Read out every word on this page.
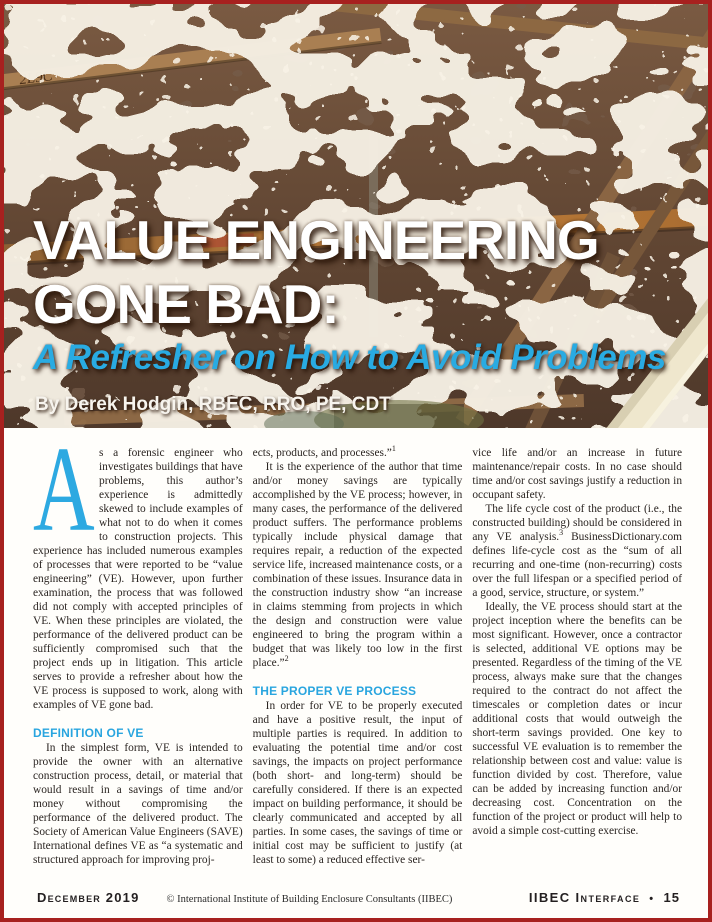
VALUE ENGINEERING
GONE BAD:
A Refresher on How to Avoid Problems
By Derek Hodgin, RBEC, RRO, PE, CDT

As a forensic engineer who investigates buildings that have problems, this author’s experience is admittedly skewed to include examples of what not to do when it comes to construction projects. This experience has included numerous examples of processes that were reported to be “value engineering” (VE). However, upon further examination, the process that was followed did not comply with accepted principles of VE. When these principles are violated, the performance of the delivered product can be sufficiently compromised such that the project ends up in litigation. This article serves to provide a refresher about how the VE process is supposed to work, along with examples of VE gone bad.

DEFINITION OF VE

In the simplest form, VE is intended to provide the owner with an alternative construction process, detail, or material that would result in a savings of time and/or money without compromising the performance of the delivered product. The Society of American Value Engineers (SAVE) International defines VE as “a systematic and structured approach for improving proj-

ects, products, and processes.”$^1$

It is the experience of the author that time and/or money savings are typically accomplished by the VE process; however, in many cases, the performance of the delivered product suffers. The performance problems typically include physical damage that requires repair, a reduction of the expected service life, increased maintenance costs, or a combination of these issues. Insurance data in the construction industry show “an increase in claims stemming from projects in which the design and construction were value engineered to bring the program within a budget that was likely too low in the first place.”$^2$

THE PROPER VE PROCESS

In order for VE to be properly executed and have a positive result, the input of multiple parties is required. In addition to evaluating the potential time and/or cost savings, the impacts on project performance (both short- and long-term) should be carefully considered. If there is an expected impact on building performance, it should be clearly communicated and accepted by all parties. In some cases, the savings of time or initial cost may be sufficient to justify (at least to some) a reduced effective ser-

vice life and/or an increase in future maintenance/repair costs. In no case should time and/or cost savings justify a reduction in occupant safety.

The life cycle cost of the product (i.e., the constructed building) should be considered in any VE analysis.$^3$ BusinessDictionary.com defines life-cycle cost as the “sum of all recurring and one-time (non-recurring) costs over the full lifespan or a specified period of a good, service, structure, or system.”

Ideally, the VE process should start at the project inception where the benefits can be most significant. However, once a contractor is selected, additional VE options may be presented. Regardless of the timing of the VE process, always make sure that the changes required to the contract do not affect the timescales or completion dates or incur additional costs that would outweigh the short-term savings provided. One key to successful VE evaluation is to remember the relationship between cost and value: value is function divided by cost. Therefore, value can be added by increasing function and/or decreasing cost. Concentration on the function of the project or product will help to avoid a simple cost-cutting exercise.

December 2019	© International Institute of Building Enclosure Consultants (IIBEC)	IIBEC Interface • 15
